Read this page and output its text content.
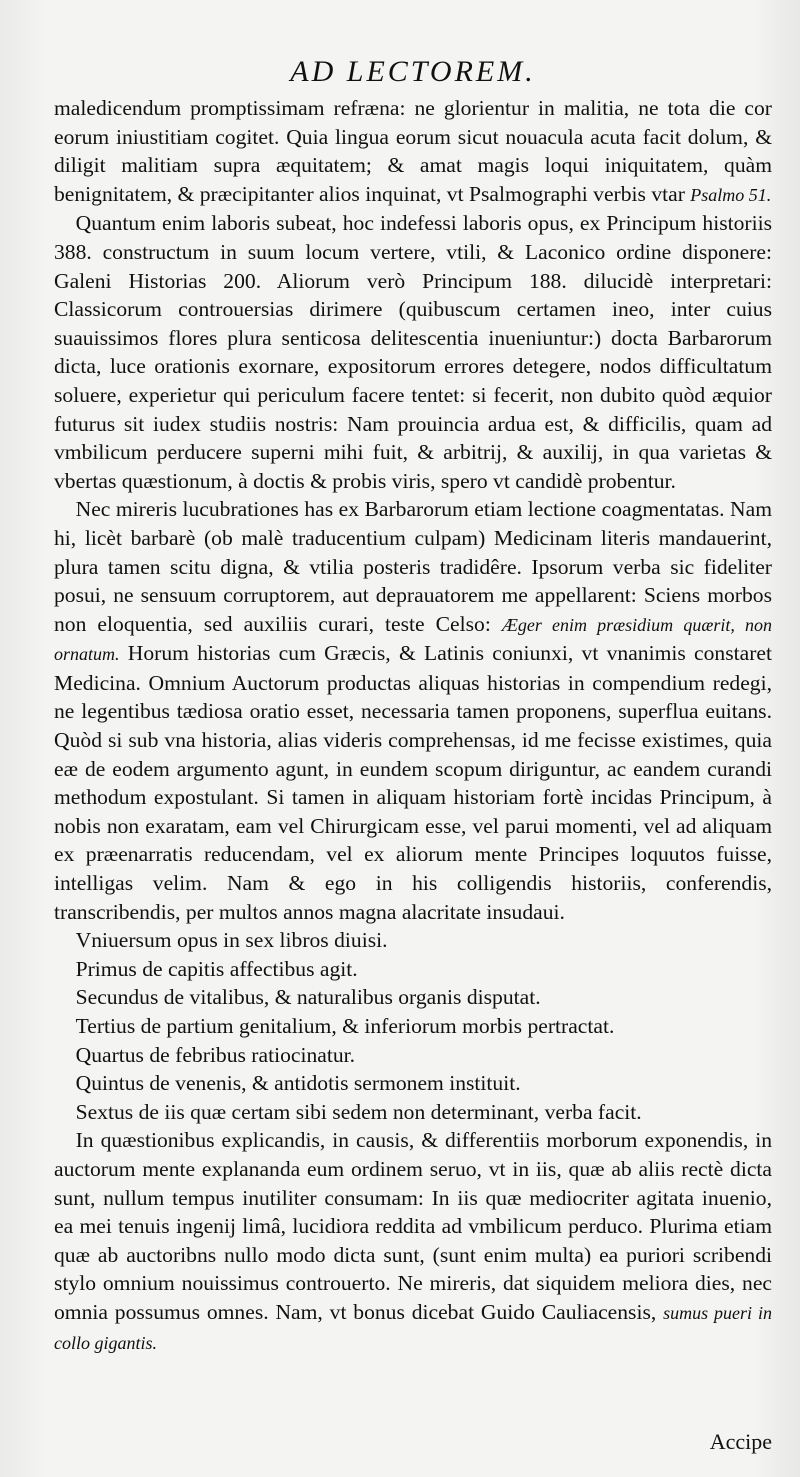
AD LECTOREM.

maledicendum promptissimam refræna: ne glorientur in malitia, ne tota die cor eorum iniustitiam cogitet. Quia lingua eorum sicut nouacula acuta facit dolum, & diligit malitiam supra æquitatem; & amat magis loqui iniquitatem, quàm benignitatem, & præcipitanter alios inquinat, vt Psalmographi verbis vtar Psalmo 51.

Quantum enim laboris subeat, hoc indefessi laboris opus, ex Principum historiis 388. constructum in suum locum vertere, vtili, & Laconico ordine disponere: Galeni Historias 200. Aliorum verò Principum 188. dilucidè interpretari: Classicorum controuersias dirimere (quibuscum certamen ineo, inter cuius suauissimos flores plura senticosa delitescentia inueniuntur:) docta Barbarorum dicta, luce orationis exornare, expositorum errores detegere, nodos difficultatum soluere, experietur qui periculum facere tentet: si fecerit, non dubito quòd æquior futurus sit iudex studiis nostris: Nam prouincia ardua est, & difficilis, quam ad vmbilicum perducere superni mihi fuit, & arbitrij, & auxilij, in qua varietas & vbertas quæstionum, à doctis & probis viris, spero vt candidè probentur.

Nec mireris lucubrationes has ex Barbarorum etiam lectione coagmentatas. Nam hi, licèt barbarè (ob malè traducentium culpam) Medicinam literis mandauerint, plura tamen scitu digna, & vtilia posteris tradidêre. Ipsorum verba sic fideliter posui, ne sensuum corruptorem, aut deprauatorem me appellarent: Sciens morbos non eloquentia, sed auxiliis curari, teste Celso: Æger enim præsidium quærit, non ornatum. Horum historias cum Græcis, & Latinis coniunxi, vt vnanimis constaret Medicina. Omnium Auctorum productas aliquas historias in compendium redegi, ne legentibus tædiosa oratio esset, necessaria tamen proponens, superflua euitans. Quòd si sub vna historia, alias videris comprehensas, id me fecisse existimes, quia eæ de eodem argumento agunt, in eundem scopum diriguntur, ac eandem curandi methodum expostulant. Si tamen in aliquam historiam fortè incidas Principum, à nobis non exaratam, eam vel Chirurgicam esse, vel parui momenti, vel ad aliquam ex præenarratis reducendam, vel ex aliorum mente Principes loquutos fuisse, intelligas velim. Nam & ego in his colligendis historiis, conferendis, transcribendis, per multos annos magna alacritate insudaui.

Vniuersum opus in sex libros diuisi.

Primus de capitis affectibus agit.

Secundus de vitalibus, & naturalibus organis disputat.

Tertius de partium genitalium, & inferiorum morbis pertractat.

Quartus de febribus ratiocinatur.

Quintus de venenis, & antidotis sermonem instituit.

Sextus de iis quæ certam sibi sedem non determinant, verba facit.

In quæstionibus explicandis, in causis, & differentiis morborum exponendis, in auctorum mente explananda eum ordinem seruo, vt in iis, quæ ab aliis rectè dicta sunt, nullum tempus inutiliter consumam: In iis quæ mediocriter agitata inuenio, ea mei tenuis ingenij limâ, lucidiora reddita ad vmbilicum perduco. Plurima etiam quæ ab auctoribns nullo modo dicta sunt, (sunt enim multa) ea puriori scribendi stylo omnium nouissimus controuerto. Ne mireris, dat siquidem meliora dies, nec omnia possumus omnes. Nam, vt bonus dicebat Guido Cauliacensis, sumus pueri in collo gigantis.

Accipe
